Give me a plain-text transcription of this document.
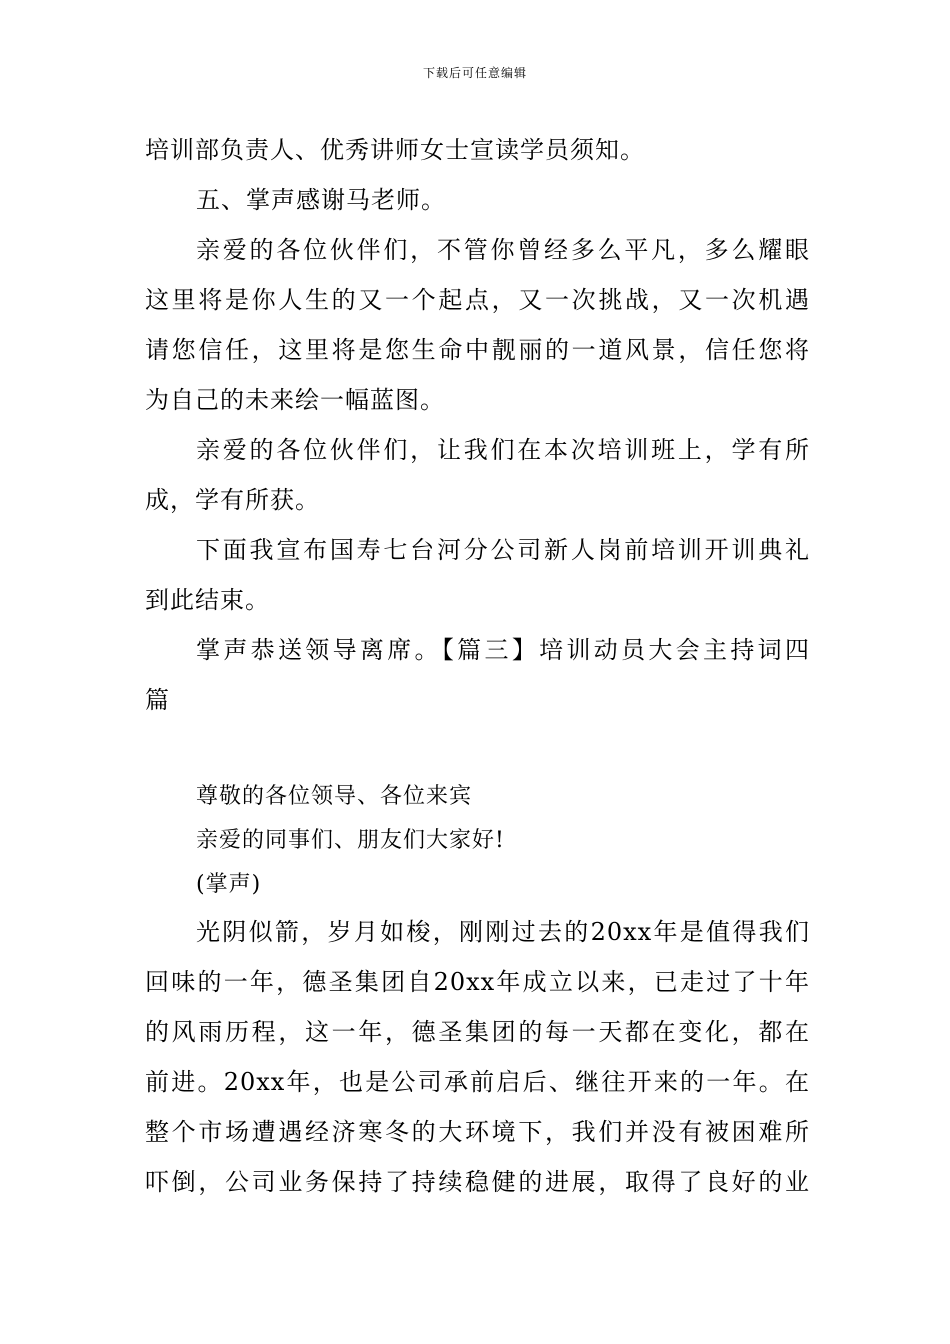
下载后可任意编辑
培训部负责人、优秀讲师女士宣读学员须知。
五、掌声感谢马老师。
亲爱的各位伙伴们，不管你曾经多么平凡，多么耀眼
这里将是你人生的又一个起点，又一次挑战，又一次机遇
请您信任，这里将是您生命中靓丽的一道风景，信任您将
为自己的未来绘一幅蓝图。
亲爱的各位伙伴们，让我们在本次培训班上，学有所
成，学有所获。
下面我宣布国寿七台河分公司新人岗前培训开训典礼
到此结束。
掌声恭送领导离席。【篇三】培训动员大会主持词四
篇
尊敬的各位领导、各位来宾
亲爱的同事们、朋友们大家好!
(掌声)
光阴似箭，岁月如梭，刚刚过去的20xx年是值得我们
回味的一年，德圣集团自20xx年成立以来，已走过了十年
的风雨历程，这一年，德圣集团的每一天都在变化，都在
前进。20xx年，也是公司承前启后、继往开来的一年。在
整个市场遭遇经济寒冬的大环境下，我们并没有被困难所
吓倒，公司业务保持了持续稳健的进展，取得了良好的业
